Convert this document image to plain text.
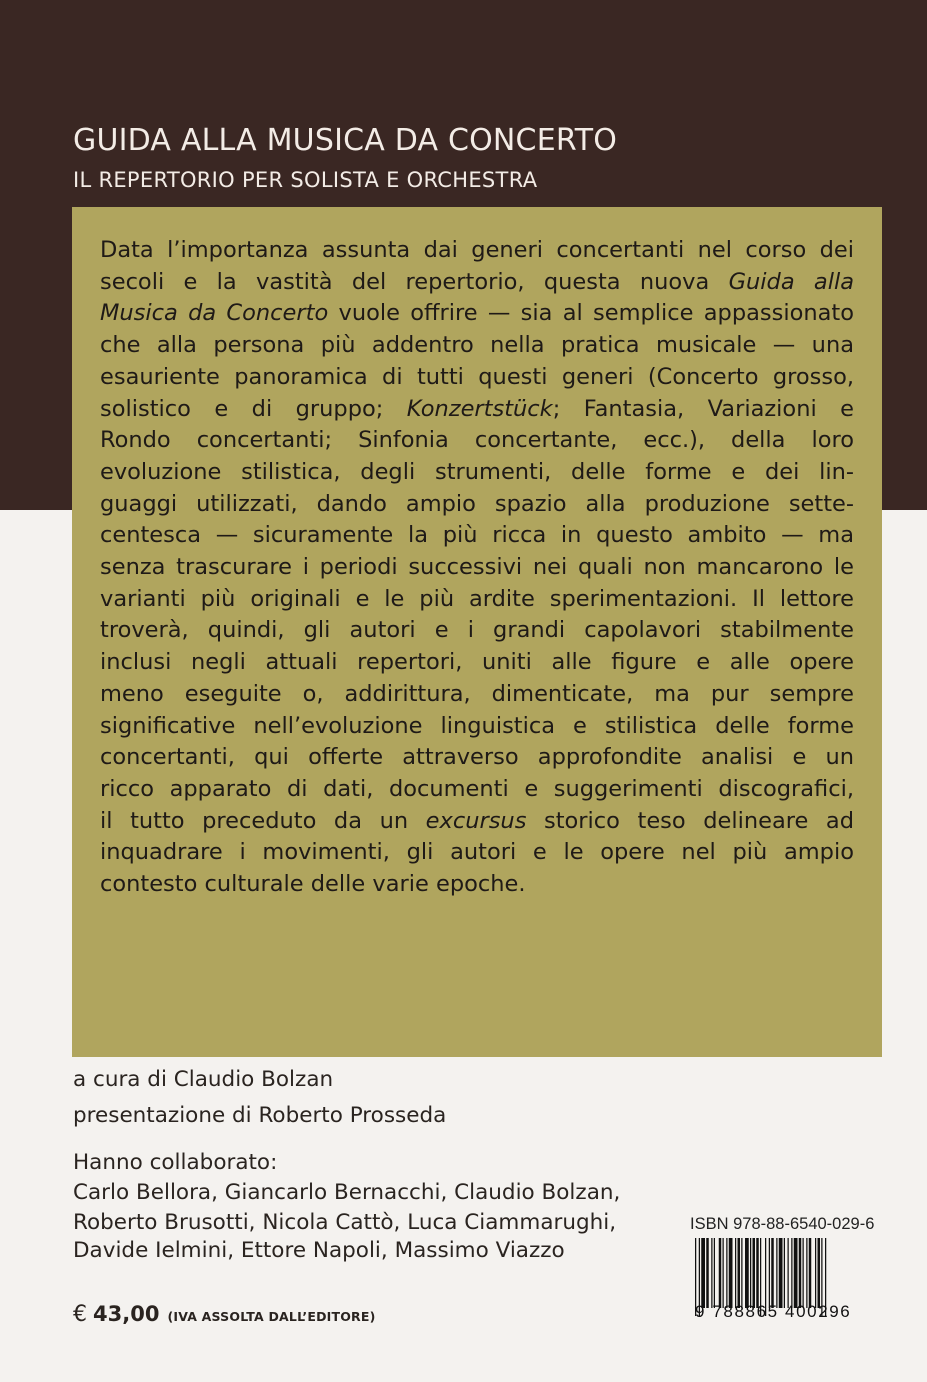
GUIDA ALLA MUSICA DA CONCERTO
IL REPERTORIO PER SOLISTA E ORCHESTRA
Data l’importanza assunta dai generi concertanti nel corso dei
secoli e la vastità del repertorio, questa nuova Guida alla
Musica da Concerto vuole offrire — sia al semplice appassionato
che alla persona più addentro nella pratica musicale — una
esauriente panoramica di tutti questi generi (Concerto grosso,
solistico e di gruppo; Konzertstück; Fantasia, Variazioni e
Rondo concertanti; Sinfonia concertante, ecc.), della loro
evoluzione stilistica, degli strumenti, delle forme e dei lin-
guaggi utilizzati, dando ampio spazio alla produzione sette-
centesca — sicuramente la più ricca in questo ambito — ma
senza trascurare i periodi successivi nei quali non mancarono le
varianti più originali e le più ardite sperimentazioni. Il lettore
troverà, quindi, gli autori e i grandi capolavori stabilmente
inclusi negli attuali repertori, uniti alle figure e alle opere
meno eseguite o, addirittura, dimenticate, ma pur sempre
significative nell’evoluzione linguistica e stilistica delle forme
concertanti, qui offerte attraverso approfondite analisi e un
ricco apparato di dati, documenti e suggerimenti discografici,
il tutto preceduto da un excursus storico teso delineare ad
inquadrare i movimenti, gli autori e le opere nel più ampio
contesto culturale delle varie epoche.
a cura di Claudio Bolzan
presentazione di Roberto Prosseda
Hanno collaborato:
Carlo Bellora, Giancarlo Bernacchi, Claudio Bolzan,
Roberto Brusotti, Nicola Cattò, Luca Ciammarughi,
Davide Ielmini, Ettore Napoli, Massimo Viazzo
€ 43,00 (IVA ASSOLTA DALL’EDITORE)
ISBN 978-88-6540-029-6
9 788865 400296
